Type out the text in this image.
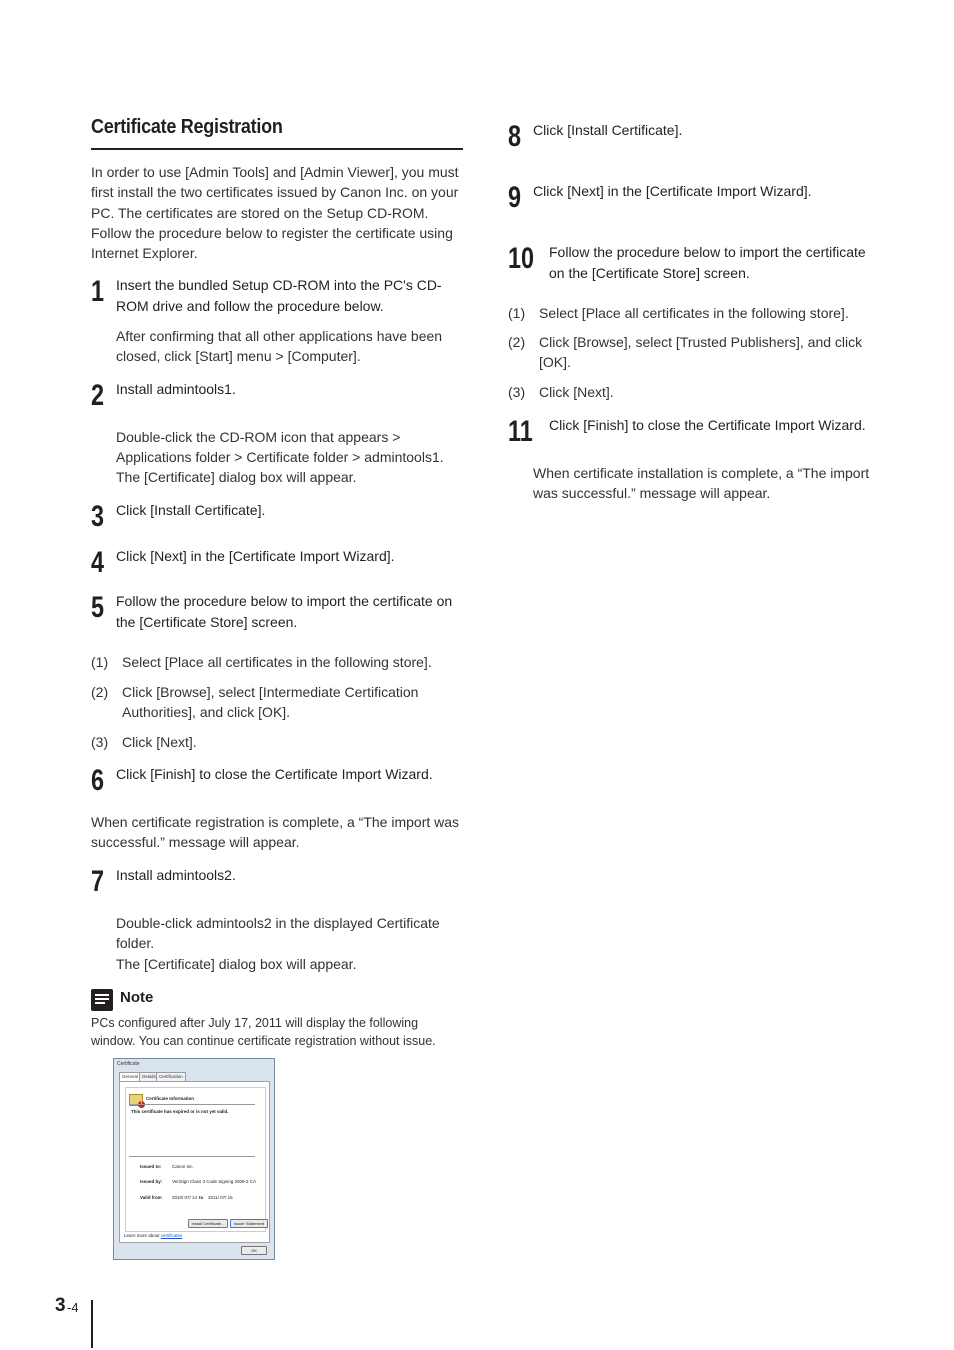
Certificate Registration
In order to use [Admin Tools] and [Admin Viewer], you must first install the two certificates issued by Canon Inc. on your PC. The certificates are stored on the Setup CD-ROM. Follow the procedure below to register the certificate using Internet Explorer.
1 Insert the bundled Setup CD-ROM into the PC's CD-ROM drive and follow the procedure below.
After confirming that all other applications have been closed, click [Start] menu > [Computer].
2 Install admintools1.
Double-click the CD-ROM icon that appears > Applications folder > Certificate folder > admintools1.
The [Certificate] dialog box will appear.
3 Click [Install Certificate].
4 Click [Next] in the [Certificate Import Wizard].
5 Follow the procedure below to import the certificate on the [Certificate Store] screen.
(1) Select [Place all certificates in the following store].
(2) Click [Browse], select [Intermediate Certification Authorities], and click [OK].
(3) Click [Next].
6 Click [Finish] to close the Certificate Import Wizard.
When certificate registration is complete, a “The import was successful.” message will appear.
7 Install admintools2.
Double-click admintools2 in the displayed Certificate folder.
The [Certificate] dialog box will appear.
Note
PCs configured after July 17, 2011 will display the following window. You can continue certificate registration without issue.
Certificate
General Details Certification
Certificate Information
This certificate has expired or is not yet valid.
Issued to: Canon Inc.
Issued by: VeriSign Class 3 Code Signing 2009-2 CA
Valid from 2010/ 07/ 14 to 2011/ 07/ 15
Install Certificate...	Issuer Statement
Learn more about certificates
OK
8 Click [Install Certificate].
9 Click [Next] in the [Certificate Import Wizard].
10 Follow the procedure below to import the certificate on the [Certificate Store] screen.
(1) Select [Place all certificates in the following store].
(2) Click [Browse], select [Trusted Publishers], and click [OK].
(3) Click [Next].
11 Click [Finish] to close the Certificate Import Wizard.
When certificate installation is complete, a “The import was successful.” message will appear.
3 -4
